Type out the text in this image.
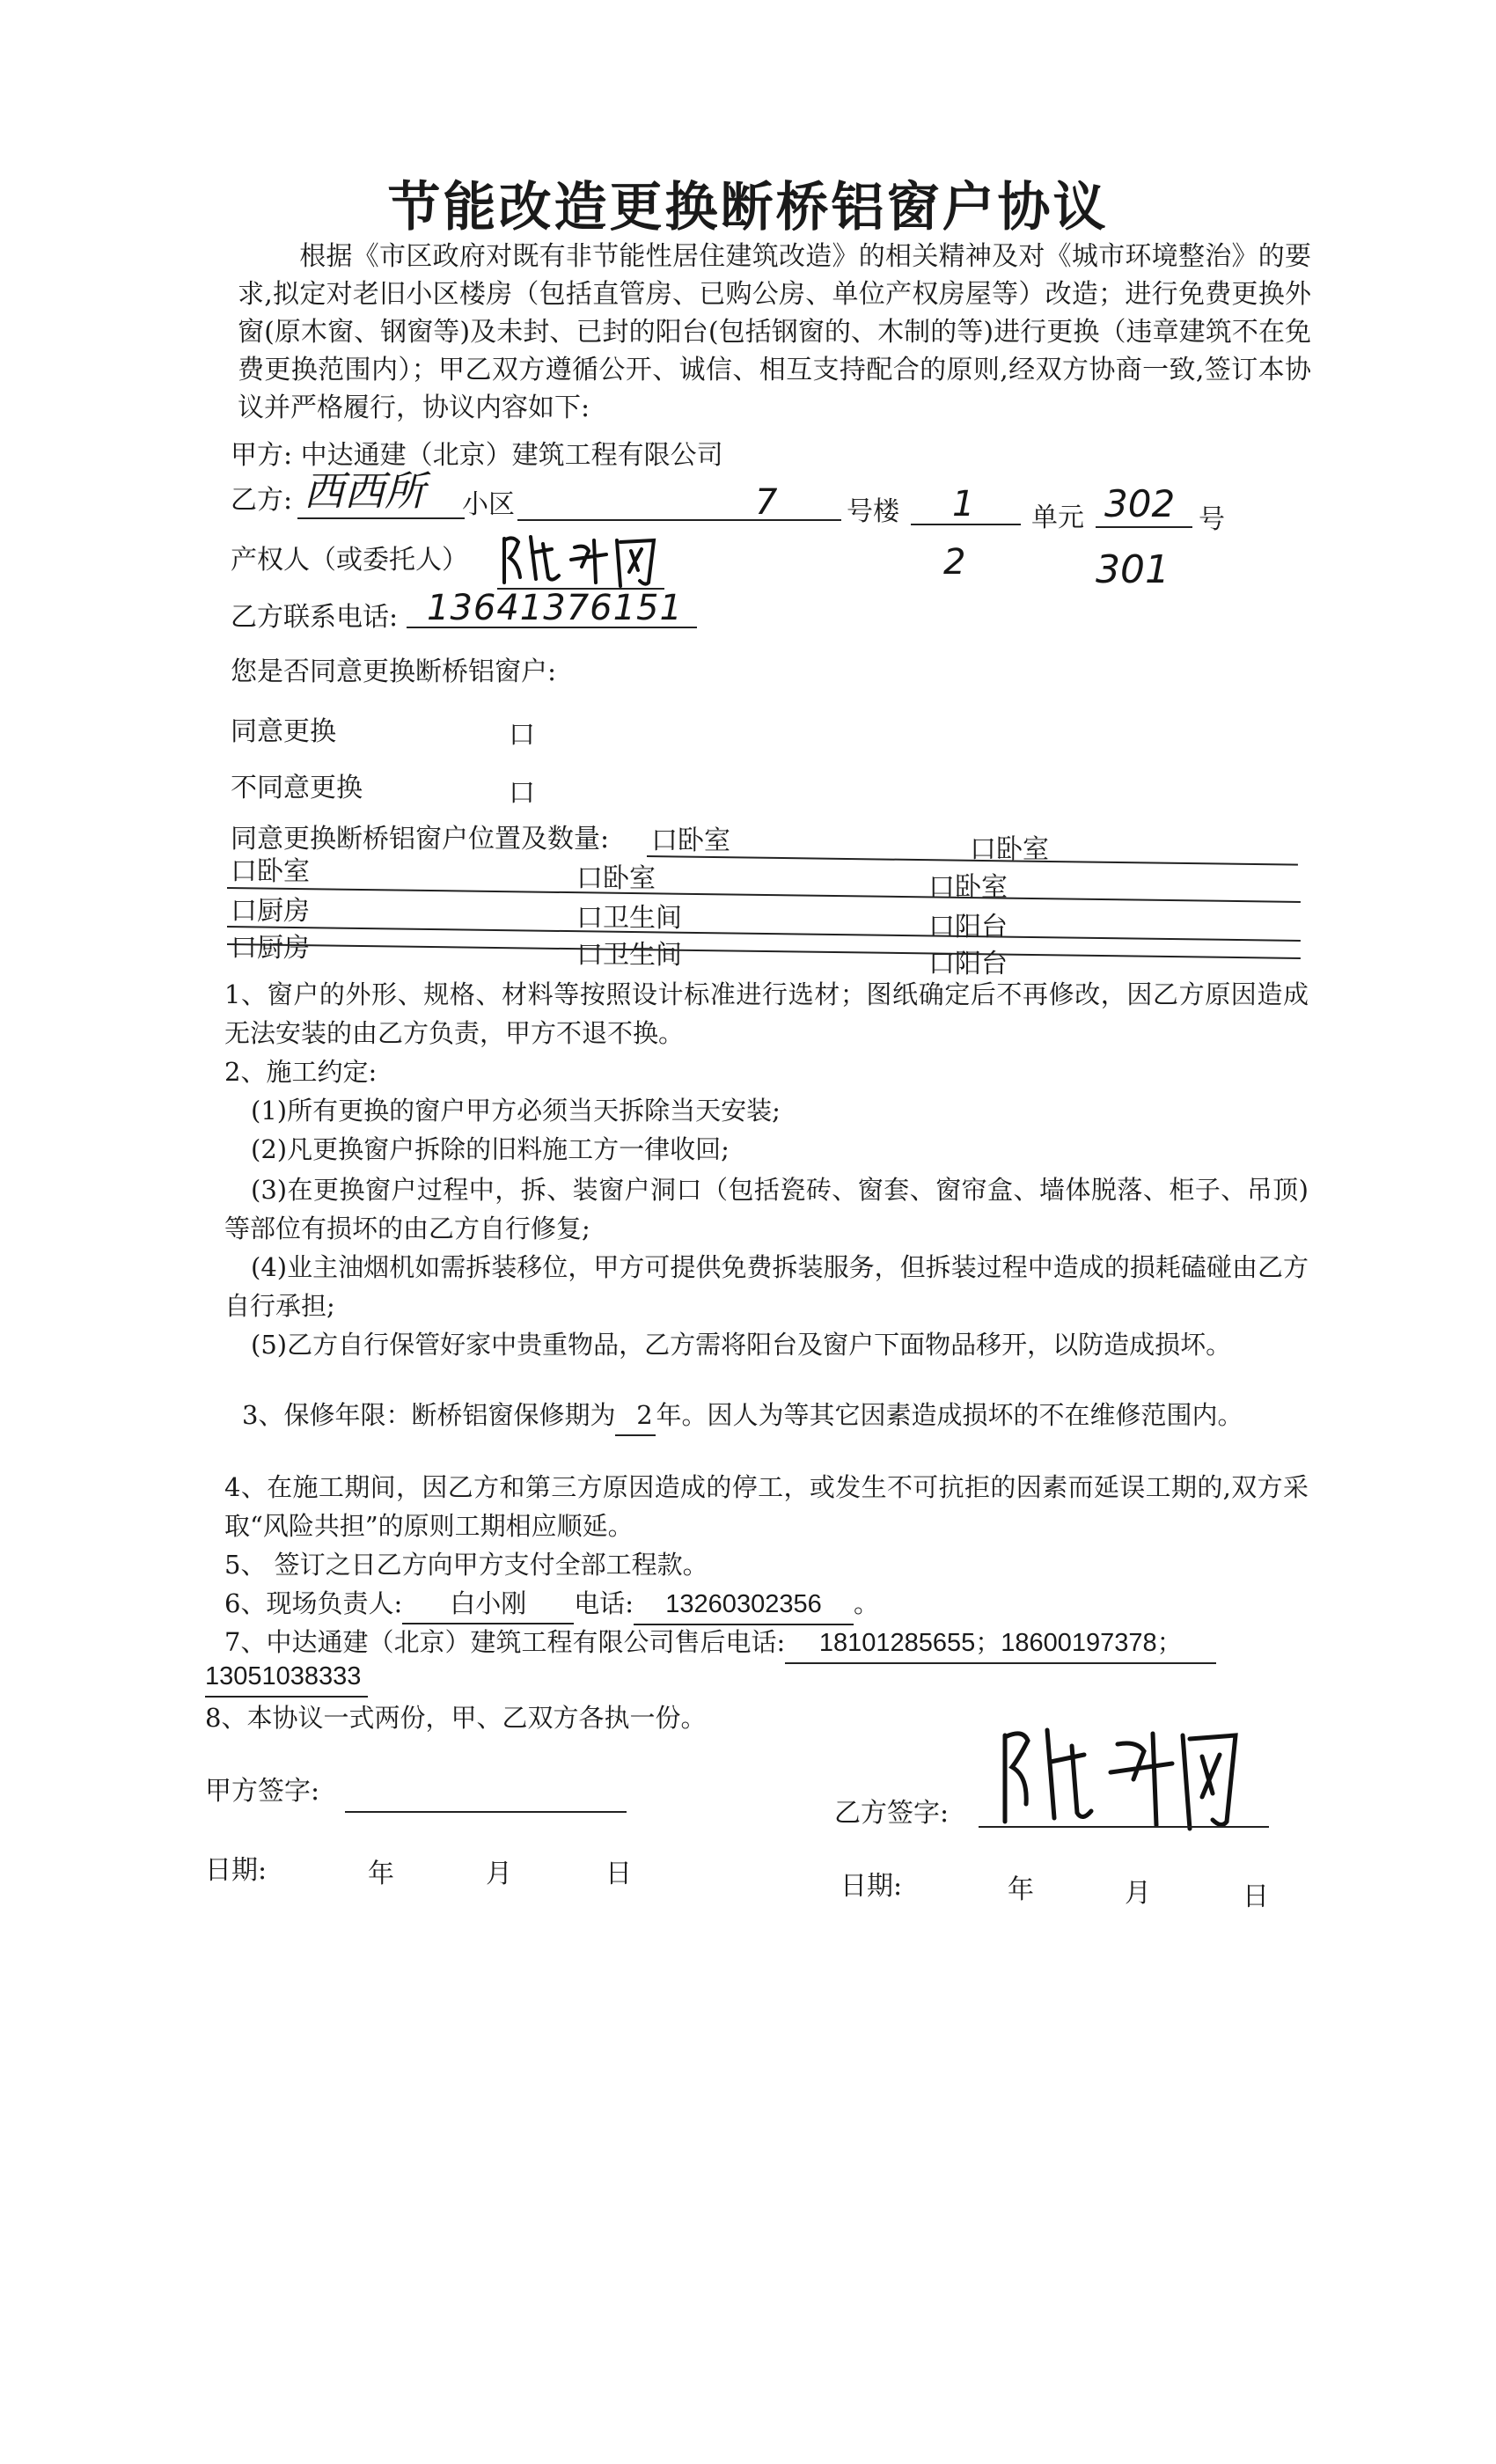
节能改造更换断桥铝窗户协议
根据《市区政府对既有非节能性居住建筑改造》的相关精神及对《城市环境整治》的要求,拟定对老旧小区楼房（包括直管房、已购公房、单位产权房屋等）改造；进行免费更换外窗(原木窗、钢窗等)及未封、已封的阳台(包括钢窗的、木制的等)进行更换（违章建筑不在免费更换范围内）；甲乙双方遵循公开、诚信、相互支持配合的原则,经双方协商一致,签订本协议并严格履行，协议内容如下:
甲方: 中达通建（北京）建筑工程有限公司
乙方: 西西所 小区	7	号楼 1 单元 302 号
产权人（或委托人）	2	301
乙方联系电话: 13641376151
您是否同意更换断桥铝窗户:
同意更换	口
不同意更换	口
同意更换断桥铝窗户位置及数量: 口卧室	口卧室
口卧室	口卧室	口卧室
口厨房	口卫生间	口阳台
口厨房	口卫生间	口阳台
1、窗户的外形、规格、材料等按照设计标准进行选材；图纸确定后不再修改，因乙方原因造成无法安装的由乙方负责，甲方不退不换。
2、施工约定:
(1)所有更换的窗户甲方必须当天拆除当天安装;
(2)凡更换窗户拆除的旧料施工方一律收回;
(3)在更换窗户过程中，拆、装窗户洞口（包括瓷砖、窗套、窗帘盒、墙体脱落、柜子、吊顶)等部位有损坏的由乙方自行修复;
(4)业主油烟机如需拆装移位，甲方可提供免费拆装服务，但拆装过程中造成的损耗磕碰由乙方自行承担;
(5)乙方自行保管好家中贵重物品，乙方需将阳台及窗户下面物品移开，以防造成损坏。
3、保修年限：断桥铝窗保修期为 2 年。因人为等其它因素造成损坏的不在维修范围内。
4、在施工期间，因乙方和第三方原因造成的停工，或发生不可抗拒的因素而延误工期的,双方采取“风险共担”的原则工期相应顺延。
5、 签订之日乙方向甲方支付全部工程款。
6、现场负责人: 白小刚 电话: 13260302356 。
7、中达通建（北京）建筑工程有限公司售后电话: 18101285655；18600197378；
13051038333
8、本协议一式两份，甲、乙双方各执一份。
甲方签字:
乙方签字:
日期:	年	月	日	日期:	年	月	日
